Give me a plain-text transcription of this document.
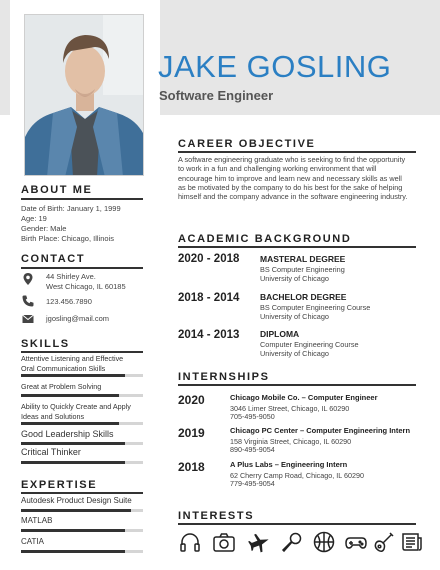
JAKE GOSLING
Software Engineer
ABOUT ME
Date of Birth: January 1, 1999
Age: 19
Gender: Male
Birth Place: Chicago, Illinois
CONTACT
44 Shirley Ave.
West Chicago, IL 60185
123.456.7890
jgosling@mail.com
SKILLS
Attentive Listening and Effective Oral Communication Skills
Great at Problem Solving
Ability to Quickly Create and Apply Ideas and Solutions
Good Leadership Skills
Critical Thinker
EXPERTISE
Autodesk Product Design Suite
MATLAB
CATIA
CAREER OBJECTIVE
A software engineering graduate who is seeking to find the opportunity to work in a fun and challenging working environment that will encourage him to improve and learn new and necessary skills as well as be motivated by the company to do his best for the sake of helping himself and the company advance in the software engineering industry.
ACADEMIC BACKGROUND
2020 - 2018 MASTERAL DEGREE
BS Computer Engineering
University of Chicago
2018 - 2014 BACHELOR DEGREE
BS Computer Engineering Course
University of Chicago
2014 - 2013 DIPLOMA
Computer Engineering Course
University of Chicago
INTERNSHIPS
2020	Chicago Mobile Co. – Computer Engineer
3046 Limer Street, Chicago, IL 60290
705-495-9050
2019	Chicago PC Center – Computer Engineering Intern
158 Virginia Street, Chicago, IL 60290
890-495-9054
2018	A Plus Labs – Engineering Intern
62 Cherry Camp Road, Chicago, IL 60290
779-495-9054
INTERESTS
